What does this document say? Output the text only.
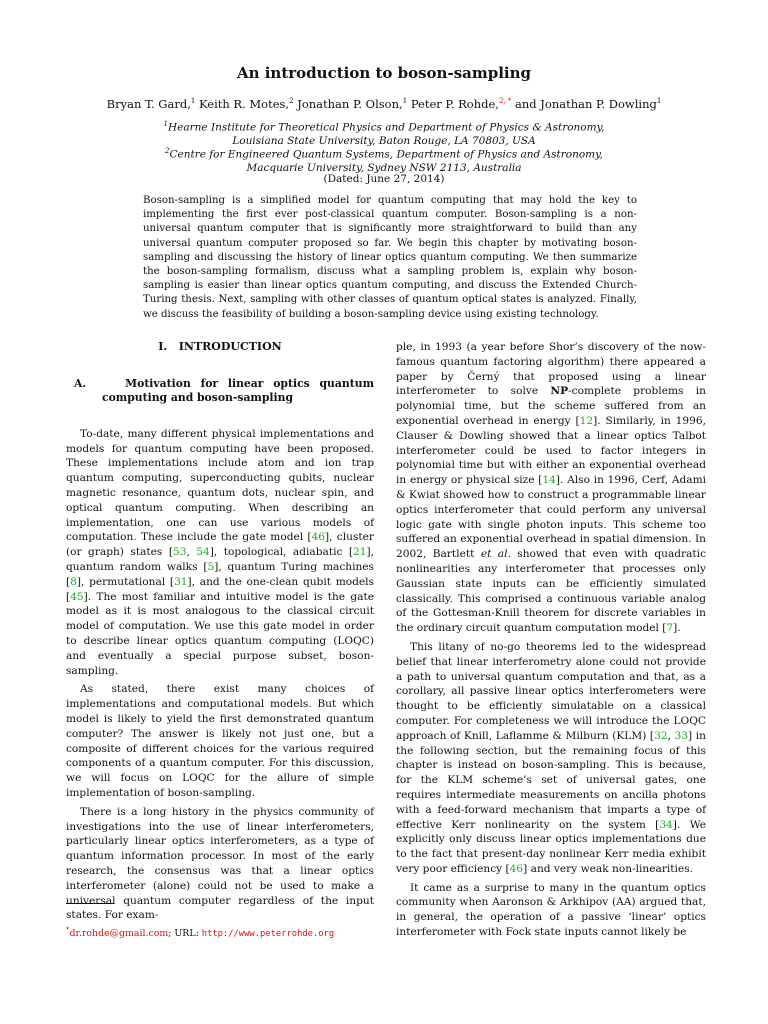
An introduction to boson-sampling
Bryan T. Gard,$^1$ Keith R. Motes,$^2$ Jonathan P. Olson,$^1$ Peter P. Rohde,$^{2, *}$ and Jonathan P. Dowling$^1$
$^1$Hearne Institute for Theoretical Physics and Department of Physics & Astronomy,
Louisiana State University, Baton Rouge, LA 70803, USA
$^2$Centre for Engineered Quantum Systems, Department of Physics and Astronomy,
Macquarie University, Sydney NSW 2113, Australia
(Dated: June 27, 2014)
Boson-sampling is a simplified model for quantum computing that may hold the key to implementing the first ever post-classical quantum computer. Boson-sampling is a non-universal quantum computer that is significantly more straightforward to build than any universal quantum computer proposed so far. We begin this chapter by motivating boson-sampling and discussing the history of linear optics quantum computing. We then summarize the boson-sampling formalism, discuss what a sampling problem is, explain why boson-sampling is easier than linear optics quantum computing, and discuss the Extended Church-Turing thesis. Next, sampling with other classes of quantum optical states is analyzed. Finally, we discuss the feasibility of building a boson-sampling device using existing technology.
I. INTRODUCTION
A.	Motivation for linear optics quantum computing and boson-sampling

To-date, many different physical implementations and models for quantum computing have been proposed. These implementations include atom and ion trap quantum computing, superconducting qubits, nuclear magnetic resonance, quantum dots, nuclear spin, and optical quantum computing. When describing an implementation, one can use various models of computation. These include the gate model [46], cluster (or graph) states [53, 54], topological, adiabatic [21], quantum random walks [5], quantum Turing machines [8], permutational [31], and the one-clean qubit models [45]. The most familiar and intuitive model is the gate model as it is most analogous to the classical circuit model of computation. We use this gate model in order to describe linear optics quantum computing (LOQC) and eventually a special purpose subset, boson-sampling.

As stated, there exist many choices of implementations and computational models. But which model is likely to yield the first demonstrated quantum computer? The answer is likely not just one, but a composite of different choices for the various required components of a quantum computer. For this discussion, we will focus on LOQC for the allure of simple implementation of boson-sampling.

There is a long history in the physics community of investigations into the use of linear interferometers, particularly linear optics interferometers, as a type of quantum information processor. In most of the early research, the consensus was that a linear optics interferometer (alone) could not be used to make a universal quantum computer regardless of the input states. For exam-

ple, in 1993 (a year before Shor’s discovery of the now-famous quantum factoring algorithm) there appeared a paper by Černý that proposed using a linear interferometer to solve NP-complete problems in polynomial time, but the scheme suffered from an exponential overhead in energy [12]. Similarly, in 1996, Clauser & Dowling showed that a linear optics Talbot interferometer could be used to factor integers in polynomial time but with either an exponential overhead in energy or physical size [14]. Also in 1996, Cerf, Adami & Kwiat showed how to construct a programmable linear optics interferometer that could perform any universal logic gate with single photon inputs. This scheme too suffered an exponential overhead in spatial dimension. In 2002, Bartlett et al. showed that even with quadratic nonlinearities any interferometer that processes only Gaussian state inputs can be efficiently simulated classically. This comprised a continuous variable analog of the Gottesman-Knill theorem for discrete variables in the ordinary circuit quantum computation model [7].

This litany of no-go theorems led to the widespread belief that linear interferometry alone could not provide a path to universal quantum computation and that, as a corollary, all passive linear optics interferometers were thought to be efficiently simulatable on a classical computer. For completeness we will introduce the LOQC approach of Knill, Laflamme & Milburn (KLM) [32, 33] in the following section, but the remaining focus of this chapter is instead on boson-sampling. This is because, for the KLM scheme’s set of universal gates, one requires intermediate measurements on ancilla photons with a feed-forward mechanism that imparts a type of effective Kerr nonlinearity on the system [34]. We explicitly only discuss linear optics implementations due to the fact that present-day nonlinear Kerr media exhibit very poor efficiency [46] and very weak non-linearities.

It came as a surprise to many in the quantum optics community when Aaronson & Arkhipov (AA) argued that, in general, the operation of a passive ‘linear’ optics interferometer with Fock state inputs cannot likely be

*dr.rohde@gmail.com; URL: http://www.peterrohde.org
